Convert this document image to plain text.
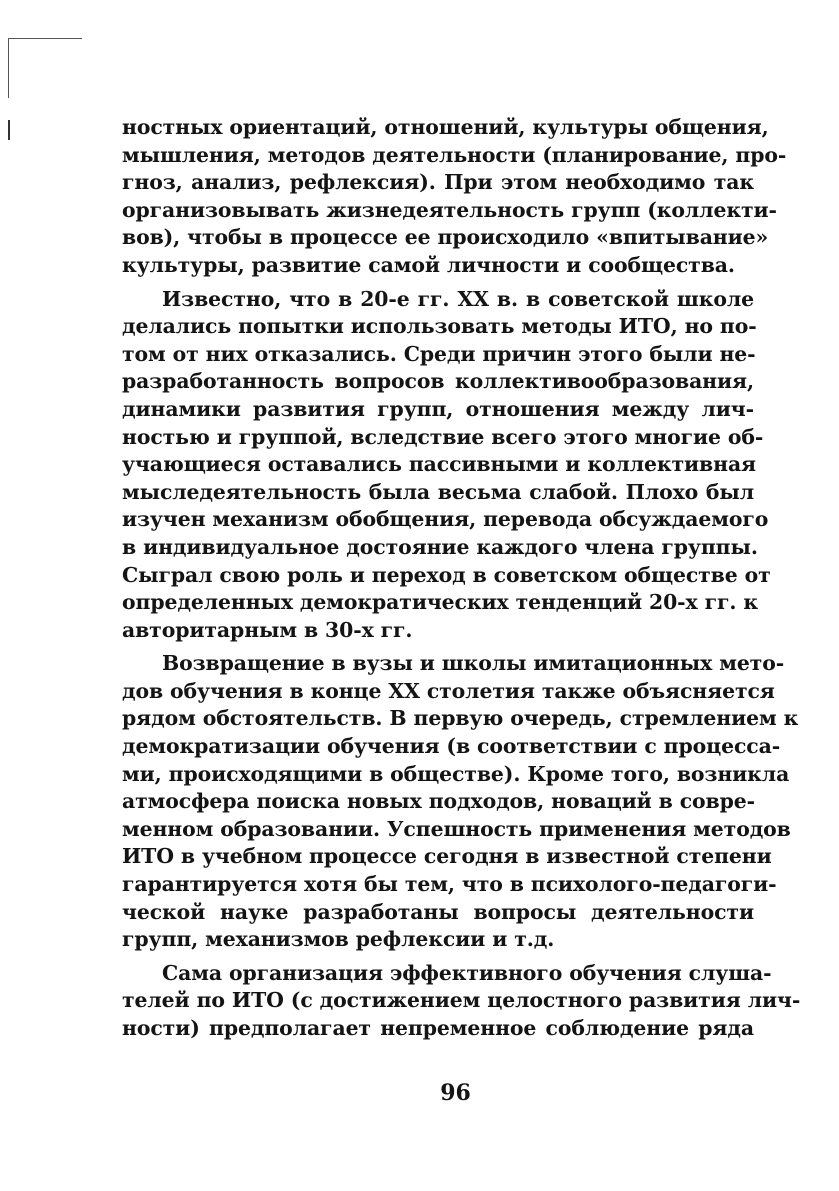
ностных ориентаций, отношений, культуры общения,
мышления, методов деятельности (планирование, про-
гноз, анализ, рефлексия). При этом необходимо так
организовывать жизнедеятельность групп (коллекти-
вов), чтобы в процессе ее происходило «впитывание»
культуры, развитие самой личности и сообщества.
Известно, что в 20-е гг. XX в. в советской школе
делались попытки использовать методы ИТО, но по-
том от них отказались. Среди причин этого были не-
разработанность вопросов коллективообразования,
динамики развития групп, отношения между лич-
ностью и группой, вследствие всего этого многие об-
учающиеся оставались пассивными и коллективная
мыследеятельность была весьма слабой. Плохо был
изучен механизм обобщения, перевода обсуждаемого
в индивидуальное достояние каждого члена группы.
Сыграл свою роль и переход в советском обществе от
определенных демократических тенденций 20-х гг. к
авторитарным в 30-х гг.
Возвращение в вузы и школы имитационных мето-
дов обучения в конце XX столетия также объясняется
рядом обстоятельств. В первую очередь, стремлением к
демократизации обучения (в соответствии с процесса-
ми, происходящими в обществе). Кроме того, возникла
атмосфера поиска новых подходов, новаций в совре-
менном образовании. Успешность применения методов
ИТО в учебном процессе сегодня в известной степени
гарантируется хотя бы тем, что в психолого-педагоги-
ческой науке разработаны вопросы деятельности
групп, механизмов рефлексии и т.д.
Сама организация эффективного обучения слуша-
телей по ИТО (с достижением целостного развития лич-
ности) предполагает непременное соблюдение ряда
96
